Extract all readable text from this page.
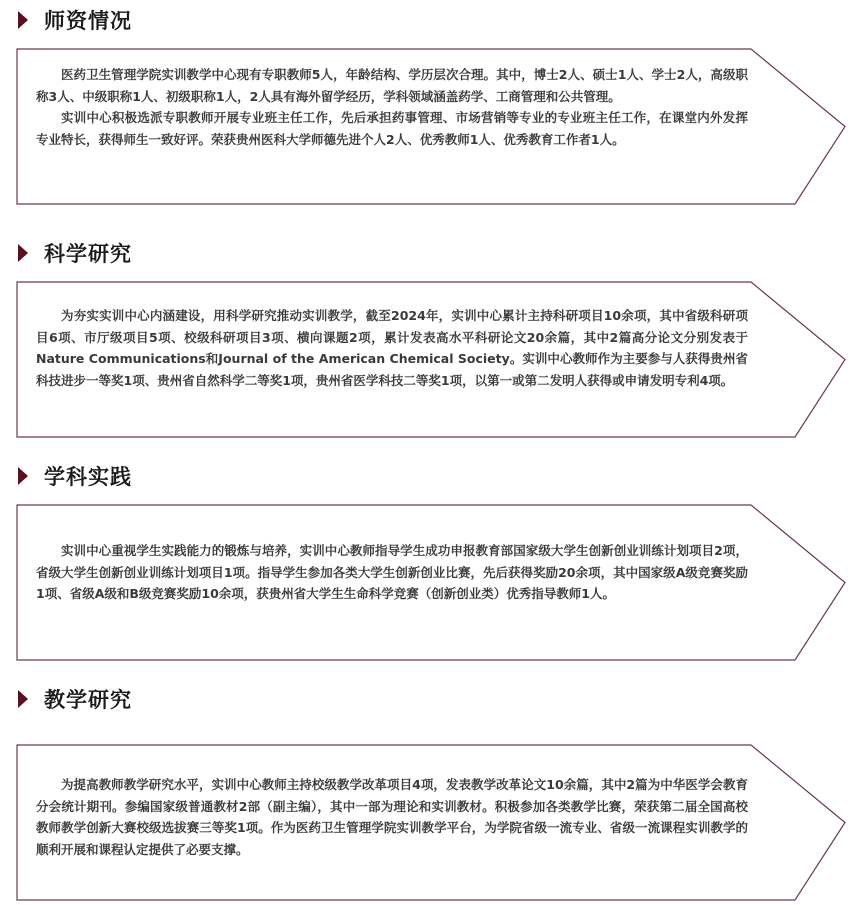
师资情况

医药卫生管理学院实训教学中心现有专职教师5人，年龄结构、学历层次合理。其中，博士2人、硕士1人、学士2人，高级职称3人、中级职称1人、初级职称1人，2人具有海外留学经历，学科领域涵盖药学、工商管理和公共管理。

实训中心积极选派专职教师开展专业班主任工作，先后承担药事管理、市场营销等专业的专业班主任工作，在课堂内外发挥专业特长，获得师生一致好评。荣获贵州医科大学师德先进个人2人、优秀教师1人、优秀教育工作者1人。

科学研究

为夯实实训中心内涵建设，用科学研究推动实训教学，截至2024年，实训中心累计主持科研项目10余项，其中省级科研项目6项、市厅级项目5项、校级科研项目3项、横向课题2项，累计发表高水平科研论文20余篇，其中2篇高分论文分别发表于Nature Communications和Journal of the American Chemical Society。实训中心教师作为主要参与人获得贵州省科技进步一等奖1项、贵州省自然科学二等奖1项，贵州省医学科技二等奖1项，以第一或第二发明人获得或申请发明专利4项。

学科实践

实训中心重视学生实践能力的锻炼与培养，实训中心教师指导学生成功申报教育部国家级大学生创新创业训练计划项目2项，省级大学生创新创业训练计划项目1项。指导学生参加各类大学生创新创业比赛，先后获得奖励20余项，其中国家级A级竞赛奖励1项、省级A级和B级竞赛奖励10余项，获贵州省大学生生命科学竞赛（创新创业类）优秀指导教师1人。

教学研究

为提高教师教学研究水平，实训中心教师主持校级教学改革项目4项，发表教学改革论文10余篇，其中2篇为中华医学会教育分会统计期刊。参编国家级普通教材2部（副主编），其中一部为理论和实训教材。积极参加各类教学比赛，荣获第二届全国高校教师教学创新大赛校级选拔赛三等奖1项。作为医药卫生管理学院实训教学平台，为学院省级一流专业、省级一流课程实训教学的顺利开展和课程认定提供了必要支撑。
